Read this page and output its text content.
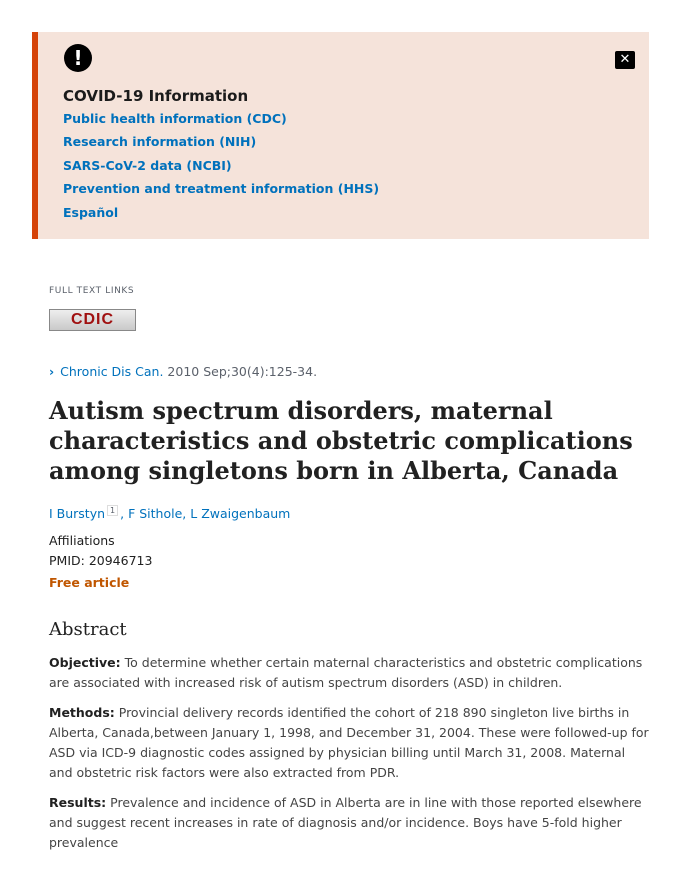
!	✕
COVID-19 Information
Public health information (CDC)
Research information (NIH)
SARS-CoV-2 data (NCBI)
Prevention and treatment information (HHS)
Español
FULL TEXT LINKS
CDIC
› Chronic Dis Can. 2010 Sep;30(4):125-34.
Autism spectrum disorders, maternal characteristics and obstetric complications among singletons born in Alberta, Canada
I Burstyn $^1$ , F Sithole, L Zwaigenbaum
Affiliations
PMID: 20946713
Free article
Abstract

Objective: To determine whether certain maternal characteristics and obstetric complications are associated with increased risk of autism spectrum disorders (ASD) in children.

Methods: Provincial delivery records identified the cohort of 218 890 singleton live births in Alberta, Canada,between January 1, 1998, and December 31, 2004. These were followed-up for ASD via ICD-9 diagnostic codes assigned by physician billing until March 31, 2008. Maternal and obstetric risk factors were also extracted from PDR.

Results: Prevalence and incidence of ASD in Alberta are in line with those reported elsewhere and suggest recent increases in rate of diagnosis and/or incidence. Boys have 5-fold higher prevalence
